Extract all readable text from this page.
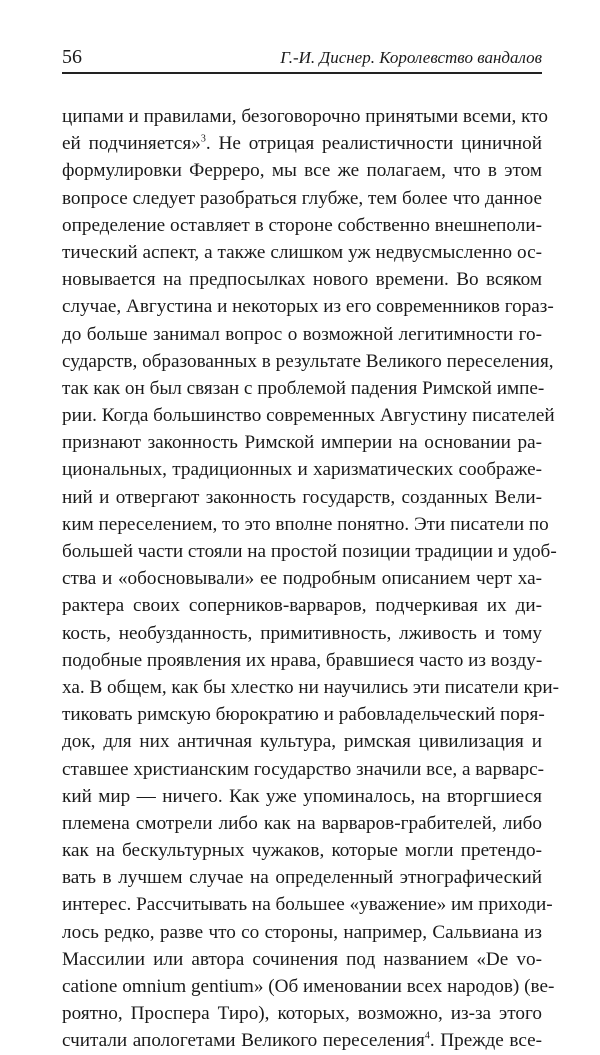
56	Г.-И. Диснер. Королевство вандалов
ципами и правилами, безоговорочно принятыми всеми, кто
ей подчиняется»$^3$. Не отрицая реалистичности циничной
формулировки Ферреро, мы все же полагаем, что в этом
вопросе следует разобраться глубже, тем более что данное
определение оставляет в стороне собственно внешнеполи-
тический аспект, а также слишком уж недвусмысленно ос-
новывается на предпосылках нового времени. Во всяком
случае, Августина и некоторых из его современников гораз-
до больше занимал вопрос о возможной легитимности го-
сударств, образованных в результате Великого переселения,
так как он был связан с проблемой падения Римской импе-
рии. Когда большинство современных Августину писателей
признают законность Римской империи на основании ра-
циональных, традиционных и харизматических соображе-
ний и отвергают законность государств, созданных Вели-
ким переселением, то это вполне понятно. Эти писатели по
большей части стояли на простой позиции традиции и удоб-
ства и «обосновывали» ее подробным описанием черт ха-
рактера своих соперников-варваров, подчеркивая их ди-
кость, необузданность, примитивность, лживость и тому
подобные проявления их нрава, бравшиеся часто из возду-
ха. В общем, как бы хлестко ни научились эти писатели кри-
тиковать римскую бюрократию и рабовладельческий поря-
док, для них античная культура, римская цивилизация и
ставшее христианским государство значили все, а варварс-
кий мир — ничего. Как уже упоминалось, на вторгшиеся
племена смотрели либо как на варваров-грабителей, либо
как на бескультурных чужаков, которые могли претендо-
вать в лучшем случае на определенный этнографический
интерес. Рассчитывать на большее «уважение» им приходи-
лось редко, разве что со стороны, например, Сальвиана из
Массилии или автора сочинения под названием «De vo-
catione omnium gentium» (Об именовании всех народов) (ве-
роятно, Проспера Тиро), которых, возможно, из-за этого
считали апологетами Великого переселения$^4$. Прежде все-
